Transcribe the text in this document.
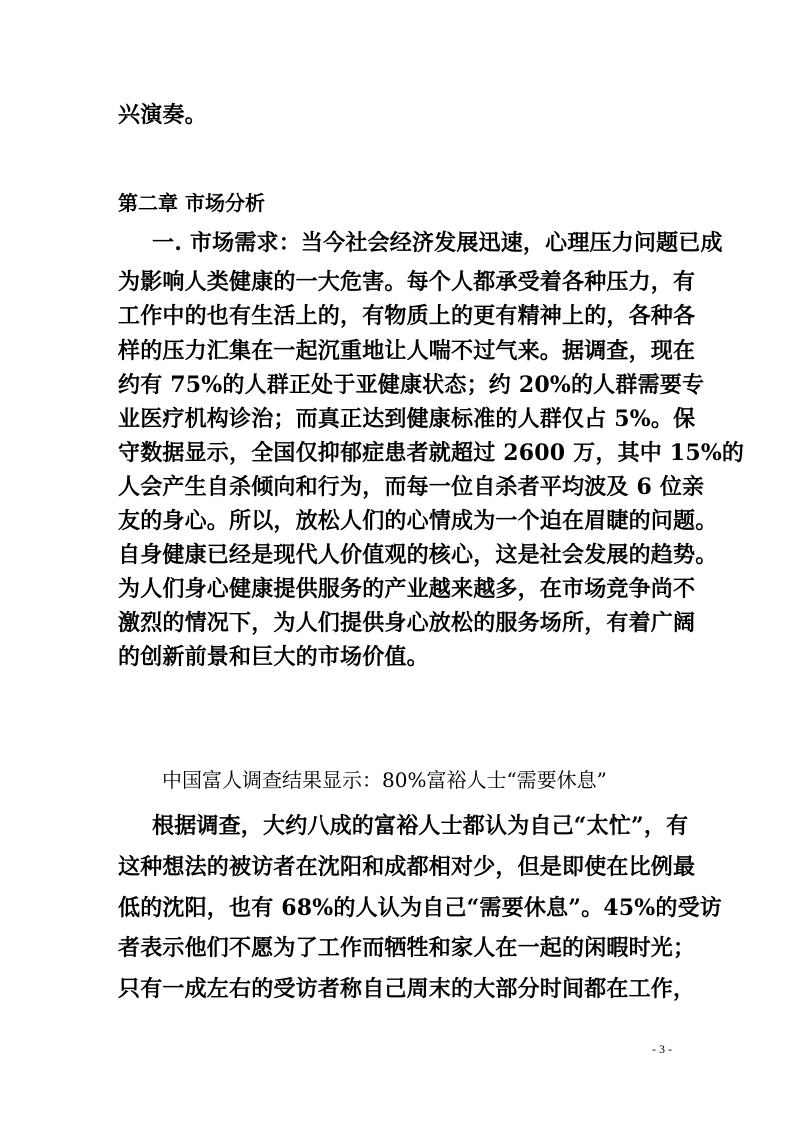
兴演奏。
第二章 市场分析
一. 市场需求：当今社会经济发展迅速，心理压力问题已成
为影响人类健康的一大危害。每个人都承受着各种压力，有
工作中的也有生活上的，有物质上的更有精神上的，各种各
样的压力汇集在一起沉重地让人喘不过气来。据调查，现在
约有 75%的人群正处于亚健康状态；约 20%的人群需要专
业医疗机构诊治；而真正达到健康标准的人群仅占 5%。保
守数据显示，全国仅抑郁症患者就超过 2600 万，其中 15%的
人会产生自杀倾向和行为，而每一位自杀者平均波及 6 位亲
友的身心。所以，放松人们的心情成为一个迫在眉睫的问题。
自身健康已经是现代人价值观的核心，这是社会发展的趋势。
为人们身心健康提供服务的产业越来越多，在市场竞争尚不
激烈的情况下，为人们提供身心放松的服务场所，有着广阔
的创新前景和巨大的市场价值。
中国富人调查结果显示：80%富裕人士“需要休息”
根据调查，大约八成的富裕人士都认为自己“太忙”，有
这种想法的被访者在沈阳和成都相对少，但是即使在比例最
低的沈阳，也有 68%的人认为自己“需要休息”。45%的受访
者表示他们不愿为了工作而牺牲和家人在一起的闲暇时光；
只有一成左右的受访者称自己周末的大部分时间都在工作，
- 3 -
